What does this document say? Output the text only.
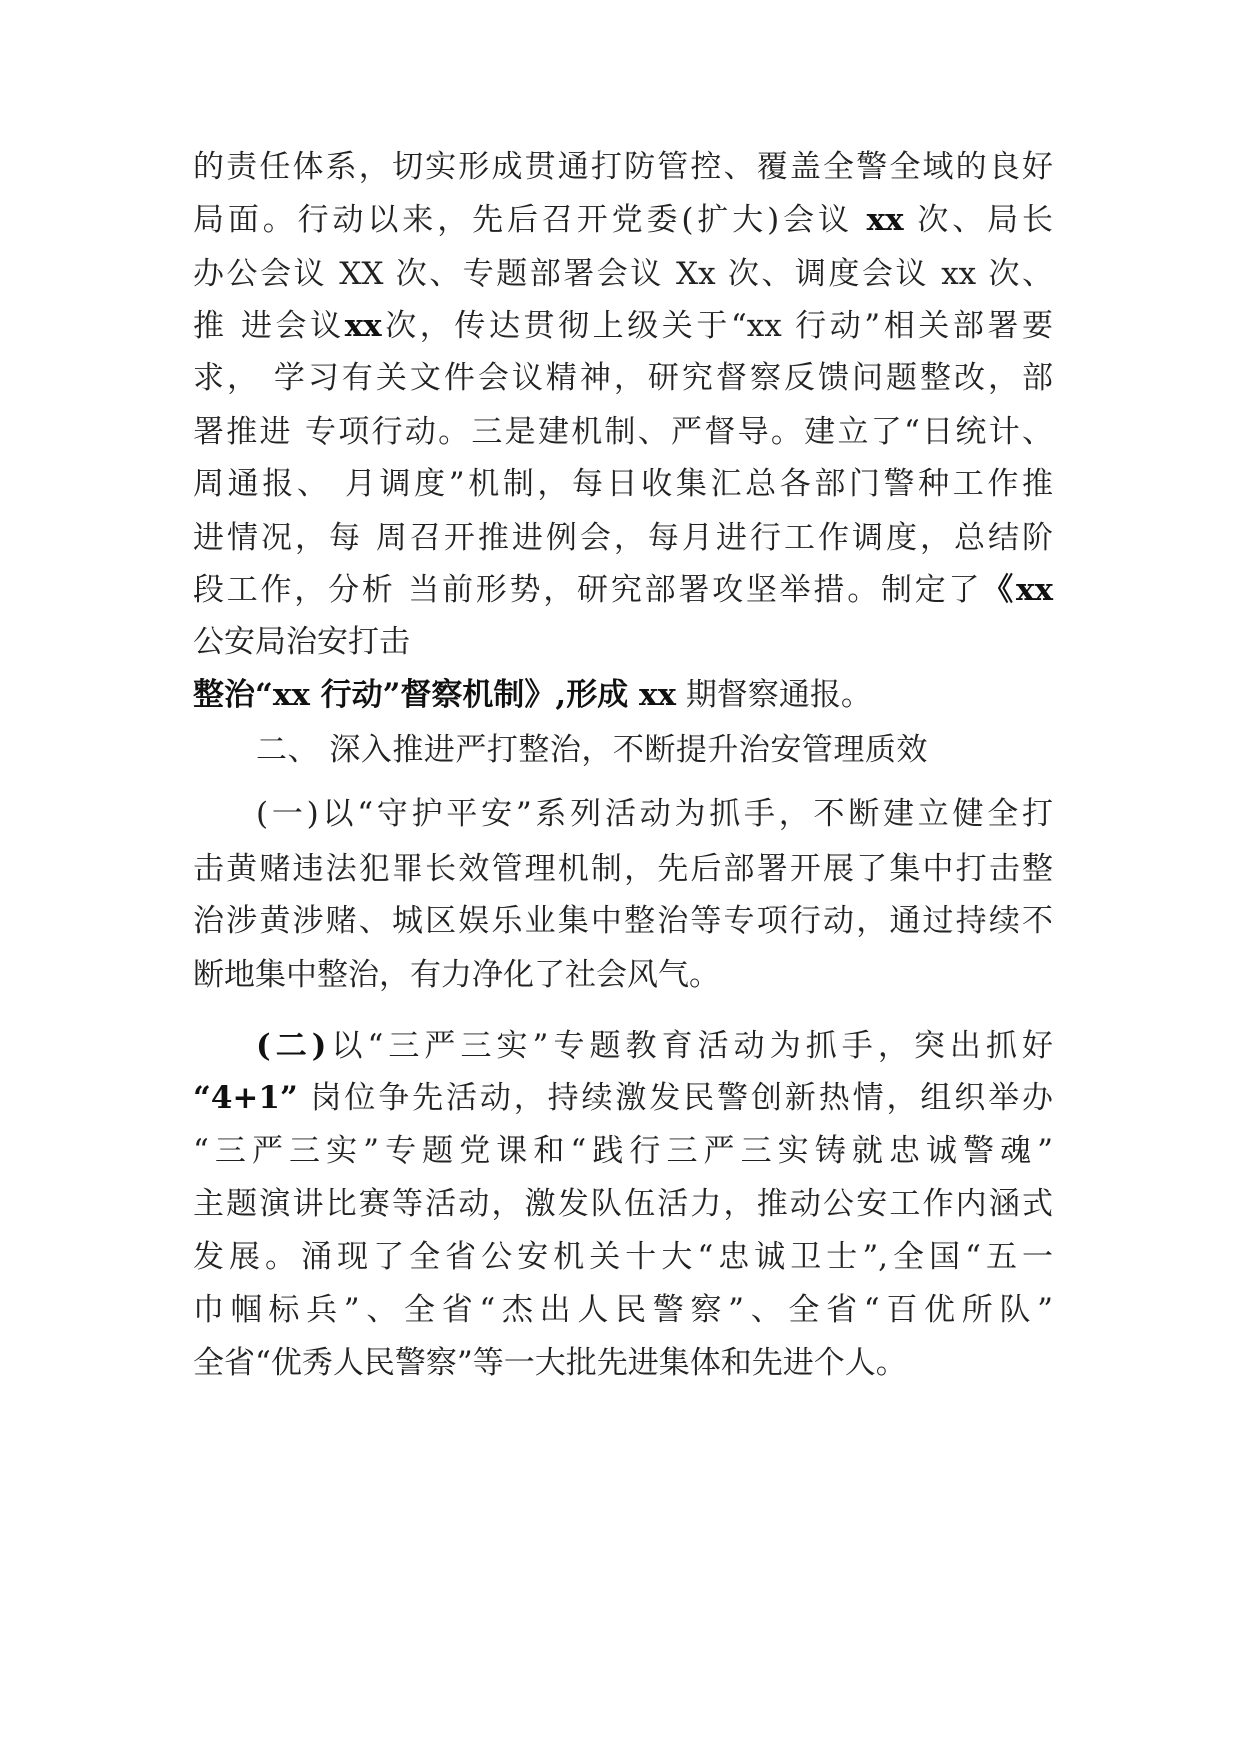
的责任体系，切实形成贯通打防管控、覆盖全警全域的良好
局面。行动以来，先后召开党委(扩大)会议 xx 次、局长
办公会议 XX 次、专题部署会议 Xx 次、调度会议 xx 次、
推 进会议xx次，传达贯彻上级关于“xx 行动”相关部署要
求， 学习有关文件会议精神，研究督察反馈问题整改，部
署推进 专项行动。三是建机制、严督导。建立了“日统计、
周通报、 月调度”机制，每日收集汇总各部门警种工作推
进情况，每 周召开推进例会，每月进行工作调度，总结阶
段工作，分析 当前形势，研究部署攻坚举措。制定了《xx
公安局治安打击
整治“xx 行动”督察机制》,形成 xx 期督察通报。
二、 深入推进严打整治，不断提升治安管理质效
(一)以“守护平安”系列活动为抓手，不断建立健全打
击黄赌违法犯罪长效管理机制，先后部署开展了集中打击整
治涉黄涉赌、城区娱乐业集中整治等专项行动，通过持续不
断地集中整治，有力净化了社会风气。
(二)以“三严三实”专题教育活动为抓手，突出抓好
“4+1” 岗位争先活动，持续激发民警创新热情，组织举办
“三严三实”专题党课和“践行三严三实铸就忠诚警魂”
主题演讲比赛等活动，激发队伍活力，推动公安工作内涵式
发展。涌现了全省公安机关十大“忠诚卫士”,全国“五一
巾帼标兵”、全省“杰出人民警察”、全省“百优所队”
全省“优秀人民警察”等一大批先进集体和先进个人。
